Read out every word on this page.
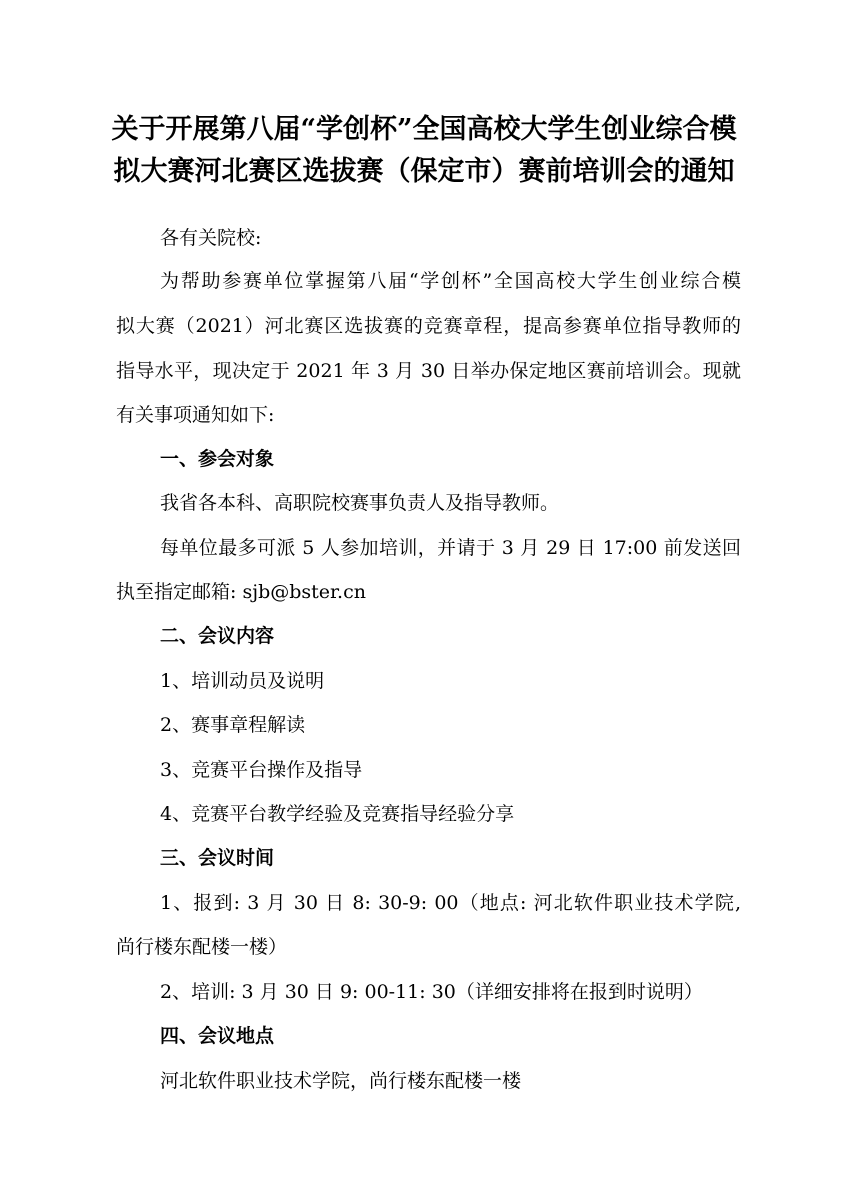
关于开展第八届“学创杯”全国高校大学生创业综合模
拟大赛河北赛区选拔赛（保定市）赛前培训会的通知
各有关院校:
为帮助参赛单位掌握第八届“学创杯”全国高校大学生创业综合模
拟大赛（2021）河北赛区选拔赛的竞赛章程，提高参赛单位指导教师的
指导水平，现决定于 2021 年 3 月 30 日举办保定地区赛前培训会。现就
有关事项通知如下:
一、参会对象
我省各本科、高职院校赛事负责人及指导教师。
每单位最多可派 5 人参加培训，并请于 3 月 29 日 17:00 前发送回
执至指定邮箱: sjb@bster.cn
二、会议内容
1、培训动员及说明
2、赛事章程解读
3、竞赛平台操作及指导
4、竞赛平台教学经验及竞赛指导经验分享
三、会议时间
1、报到: 3 月 30 日 8: 30-9: 00（地点: 河北软件职业技术学院,
尚行楼东配楼一楼）
2、培训: 3 月 30 日 9: 00-11: 30（详细安排将在报到时说明）
四、会议地点
河北软件职业技术学院，尚行楼东配楼一楼
